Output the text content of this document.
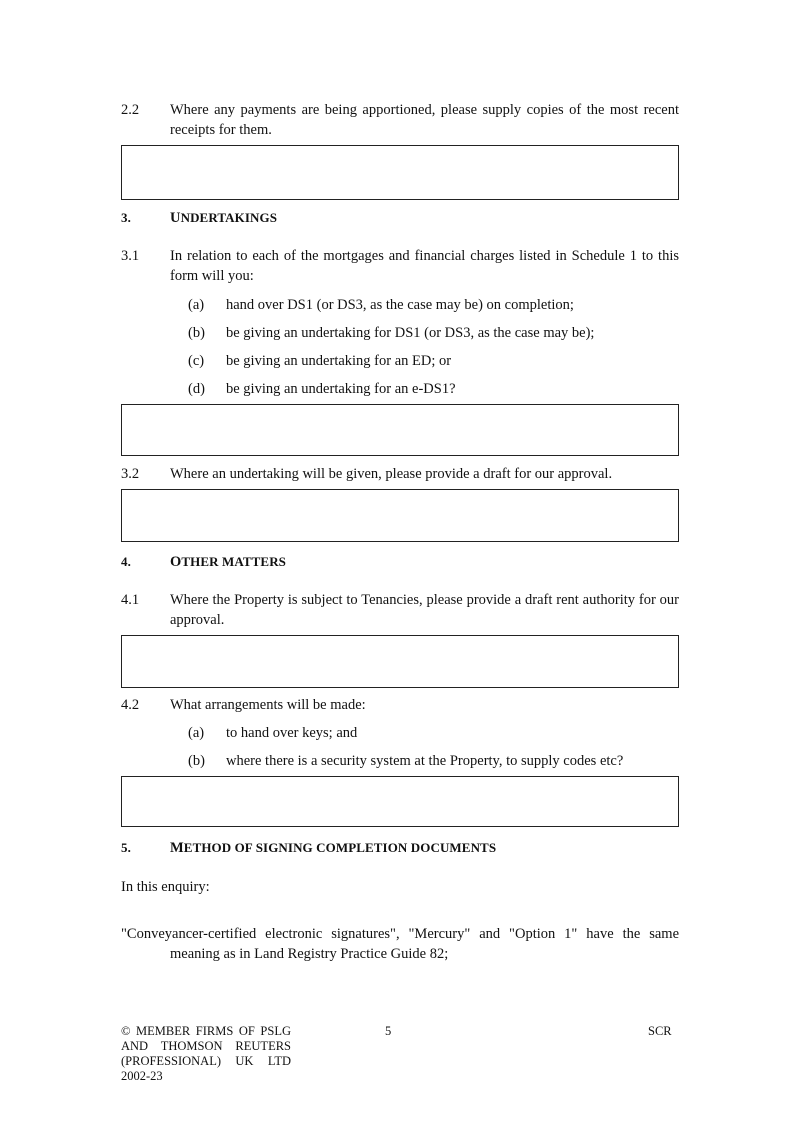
2.2 Where any payments are being apportioned, please supply copies of the most recent receipts for them.
3.	UNDERTAKINGS
3.1 In relation to each of the mortgages and financial charges listed in Schedule 1 to this form will you:
(a) hand over DS1 (or DS3, as the case may be) on completion;
(b) be giving an undertaking for DS1 (or DS3, as the case may be);
(c) be giving an undertaking for an ED; or
(d) be giving an undertaking for an e-DS1?
3.2 Where an undertaking will be given, please provide a draft for our approval.
4.	OTHER MATTERS
4.1 Where the Property is subject to Tenancies, please provide a draft rent authority for our approval.
4.2 What arrangements will be made:
(a) to hand over keys; and
(b) where there is a security system at the Property, to supply codes etc?
5.	METHOD OF SIGNING COMPLETION DOCUMENTS
In this enquiry:
"Conveyancer-certified electronic signatures", "Mercury" and "Option 1" have the same
meaning as in Land Registry Practice Guide 82;
© MEMBER FIRMS OF PSLG
AND THOMSON REUTERS
(PROFESSIONAL) UK LTD
2002-23
5	SCR
